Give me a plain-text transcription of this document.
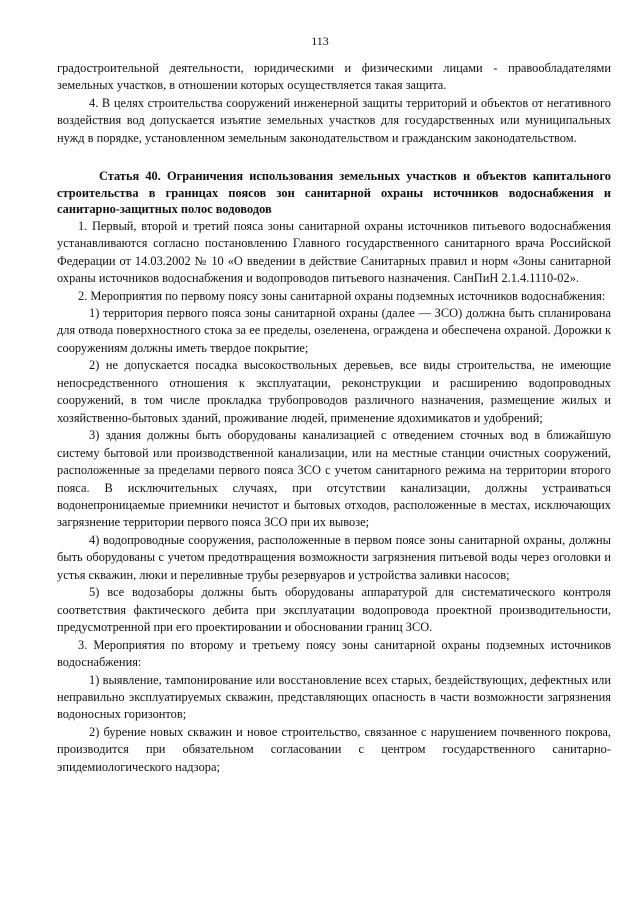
113

градостроительной деятельности, юридическими и физическими лицами - правообладателями земельных участков, в отношении которых осуществляется такая защита.

4. В целях строительства сооружений инженерной защиты территорий и объектов от негативного воздействия вод допускается изъятие земельных участков для государственных или муниципальных нужд в порядке, установленном земельным законодательством и гражданским законодательством.

Статья 40. Ограничения использования земельных участков и объектов капитального строительства в границах поясов зон санитарной охраны источников водоснабжения и санитарно-защитных полос водоводов

1. Первый, второй и третий пояса зоны санитарной охраны источников питьевого водоснабжения устанавливаются согласно постановлению Главного государственного санитарного врача Российской Федерации от 14.03.2002 № 10 «О введении в действие Санитарных правил и норм «Зоны санитарной охраны источников водоснабжения и водопроводов питьевого назначения. СанПиН 2.1.4.1110-02».

2. Мероприятия по первому поясу зоны санитарной охраны подземных источников водоснабжения:

1) территория первого пояса зоны санитарной охраны (далее — ЗСО) должна быть спланирована для отвода поверхностного стока за ее пределы, озеленена, ограждена и обеспечена охраной. Дорожки к сооружениям должны иметь твердое покрытие;

2) не допускается посадка высокоствольных деревьев, все виды строительства, не имеющие непосредственного отношения к эксплуатации, реконструкции и расширению водопроводных сооружений, в том числе прокладка трубопроводов различного назначения, размещение жилых и хозяйственно-бытовых зданий, проживание людей, применение ядохимикатов и удобрений;

3) здания должны быть оборудованы канализацией с отведением сточных вод в ближайшую систему бытовой или производственной канализации, или на местные станции очистных сооружений, расположенные за пределами первого пояса ЗСО с учетом санитарного режима на территории второго пояса. В исключительных случаях, при отсутствии канализации, должны устраиваться водонепроницаемые приемники нечистот и бытовых отходов, расположенные в местах, исключающих загрязнение территории первого пояса ЗСО при их вывозе;

4) водопроводные сооружения, расположенные в первом поясе зоны санитарной охраны, должны быть оборудованы с учетом предотвращения возможности загрязнения питьевой воды через оголовки и устья скважин, люки и переливные трубы резервуаров и устройства заливки насосов;

5) все водозаборы должны быть оборудованы аппаратурой для систематического контроля соответствия фактического дебита при эксплуатации водопровода проектной производительности, предусмотренной при его проектировании и обосновании границ ЗСО.

3. Мероприятия по второму и третьему поясу зоны санитарной охраны подземных источников водоснабжения:

1) выявление, тампонирование или восстановление всех старых, бездействующих, дефектных или неправильно эксплуатируемых скважин, представляющих опасность в части возможности загрязнения водоносных горизонтов;

2) бурение новых скважин и новое строительство, связанное с нарушением почвенного покрова, производится при обязательном согласовании с центром государственного санитарно-эпидемиологического надзора;
